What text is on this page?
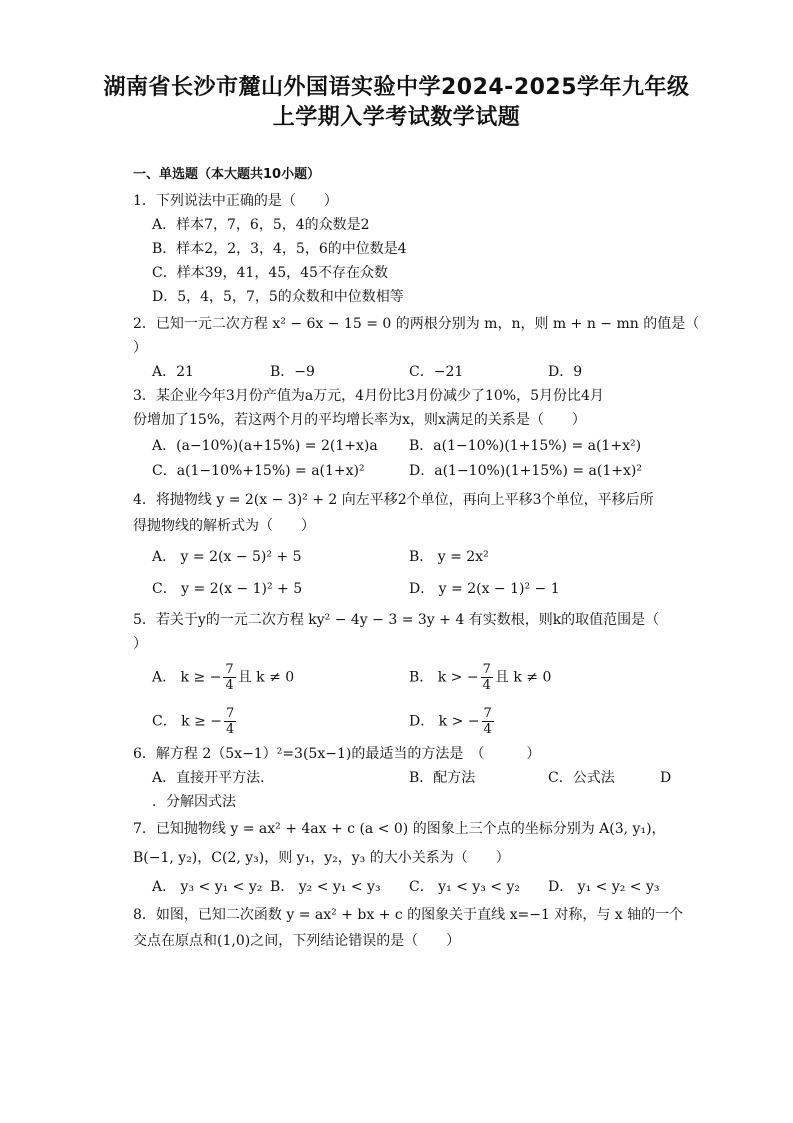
湖南省长沙市麓山外国语实验中学2024-2025学年九年级
上学期入学考试数学试题
一、单选题（本大题共10小题）
1．下列说法中正确的是（　　）
A．样本7，7，6，5，4的众数是2
B．样本2，2，3，4，5，6的中位数是4
C．样本39，41，45，45不存在众数
D．5，4，5，7，5的众数和中位数相等
2．已知一元二次方程 x² − 6x − 15 = 0 的两根分别为 m，n，则 m + n − mn 的值是（
）
A．21	B．−9	C．−21	D．9
3．某企业今年3月份产值为a万元，4月份比3月份减少了10%，5月份比4月
份增加了15%，若这两个月的平均增长率为x，则x满足的关系是（　　）
A．(a−10%)(a+15%) = 2(1+x)a B．a(1−10%)(1+15%) = a(1+x²)
C．a(1−10%+15%) = a(1+x)²	D．a(1−10%)(1+15%) = a(1+x)²
4．将抛物线 y = 2(x − 3)² + 2 向左平移2个单位，再向上平移3个单位，平移后所
得抛物线的解析式为（　　）
A． y = 2(x − 5)² + 5	B． y = 2x²
C． y = 2(x − 1)² + 5	D． y = 2(x − 1)² − 1
5．若关于y的一元二次方程 ky² − 4y − 3 = 3y + 4 有实数根，则k的取值范围是（
）
A． k ≥ − $\frac{7}{4}$ 且 k ≠ 0	B． k > − $\frac{7}{4}$ 且 k ≠ 0
C． k ≥ − $\frac{7}{4}$	D． k > − $\frac{7}{4}$
6．解方程 2（5x−1）²=3(5x−1)的最适当的方法是　（　　　）
A．直接开平方法．	B．配方法	C．公式法	D
．分解因式法
7．已知抛物线 y = ax² + 4ax + c (a < 0) 的图象上三个点的坐标分别为 A(3, y₁)，
B(−1, y₂)，C(2, y₃)，则 y₁，y₂，y₃ 的大小关系为（　　）
A． y₃ < y₁ < y₂ B． y₂ < y₁ < y₃ C． y₁ < y₃ < y₂ D． y₁ < y₂ < y₃
8．如图，已知二次函数 y = ax² + bx + c 的图象关于直线 x=−1 对称，与 x 轴的一个
交点在原点和(1,0)之间，下列结论错误的是（　　）
